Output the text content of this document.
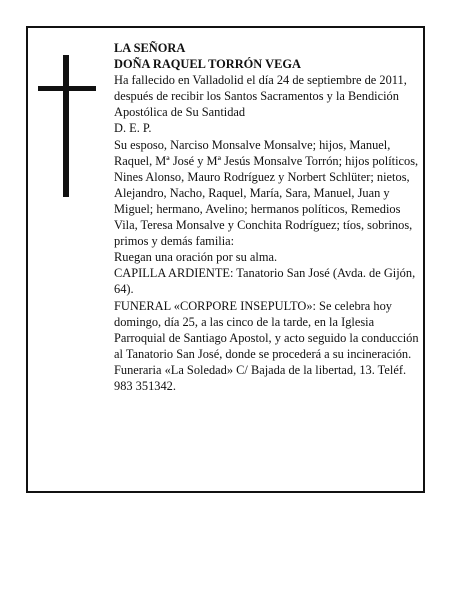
LA SEÑORA

DOÑA RAQUEL TORRÓN VEGA

Ha fallecido en Valladolid el día 24 de septiembre de 2011, después de recibir los Santos Sacramentos y la Bendición Apostólica de Su Santidad

D. E. P.

Su esposo, Narciso Monsalve Monsalve; hijos, Manuel, Raquel, Mª José y Mª Jesús Monsalve Torrón; hijos políticos, Nines Alonso, Mauro Rodríguez y Norbert Schlüter; nietos, Alejandro, Nacho, Raquel, María, Sara, Manuel, Juan y Miguel; hermano, Avelino; hermanos políticos, Remedios Vila, Teresa Monsalve y Conchita Rodríguez; tíos, sobrinos, primos y demás familia:

Ruegan una oración por su alma.

CAPILLA ARDIENTE: Tanatorio San José (Avda. de Gijón, 64).

FUNERAL «CORPORE INSEPULTO»: Se celebra hoy domingo, día 25, a las cinco de la tarde, en la Iglesia Parroquial de Santiago Apostol, y acto seguido la conducción al Tanatorio San José, donde se procederá a su incineración.

Funeraria «La Soledad» C/ Bajada de la libertad, 13. Teléf. 983 351342.
